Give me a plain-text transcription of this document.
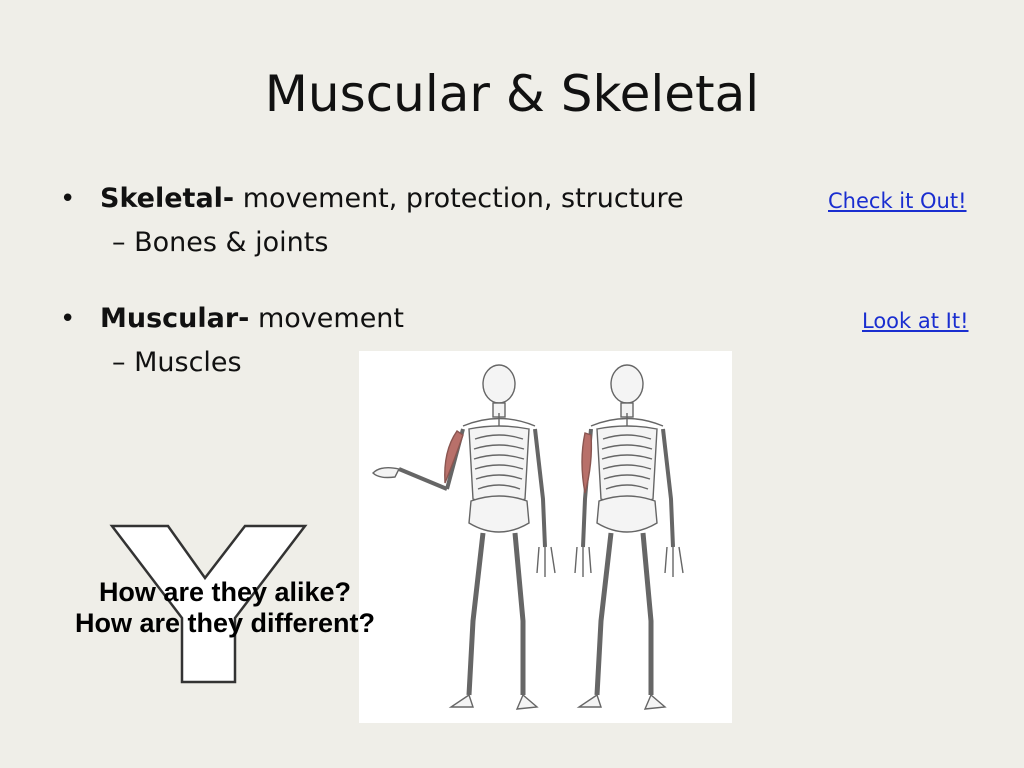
Muscular & Skeletal
• Skeletal- movement, protection, structure
– Bones & joints
Check it Out!
• Muscular- movement
– Muscles
Look at It!
How are they alike?
How are they different?
